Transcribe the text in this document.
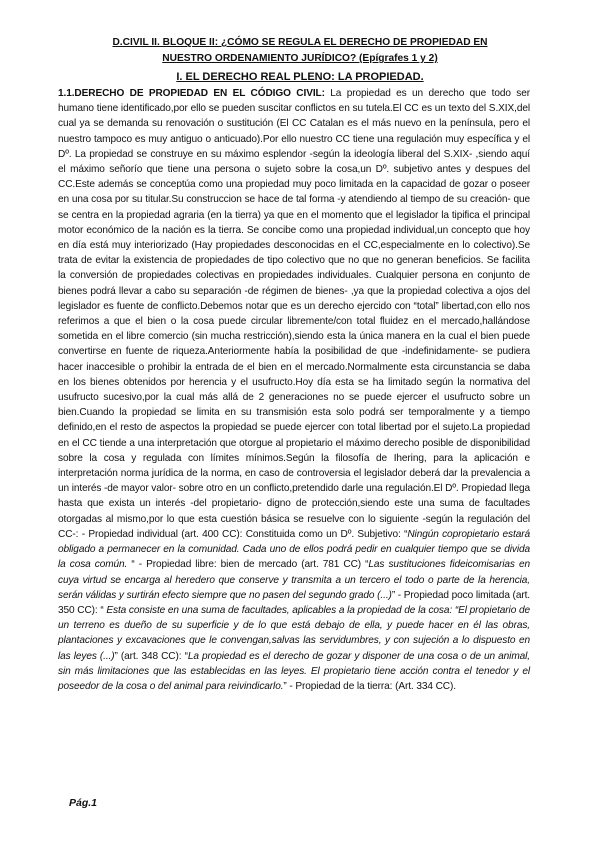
D.CIVIL II. BLOQUE II: ¿CÓMO SE REGULA EL DERECHO DE PROPIEDAD EN
NUESTRO ORDENAMIENTO JURÍDICO? (Epígrafes 1 y 2)
I. EL DERECHO REAL PLENO: LA PROPIEDAD.
1.1.DERECHO DE PROPIEDAD EN EL CÓDIGO CIVIL: La propiedad es un derecho que todo ser humano tiene identificado,por ello se pueden suscitar conflictos en su tutela.El CC es un texto del S.XIX,del cual ya se demanda su renovación o sustitución (El CC Catalan es el más nuevo en la península, pero el nuestro tampoco es muy antiguo o anticuado).Por ello nuestro CC tiene una regulación muy específica y el Dº. La propiedad se construye en su máximo esplendor -según la ideología liberal del S.XIX- ,siendo aquí el máximo señorío que tiene una persona o sujeto sobre la cosa,un Dº. subjetivo antes y despues del CC.Este además se conceptúa como una propiedad muy poco limitada en la capacidad de gozar o poseer en una cosa por su titular.Su construccion se hace de tal forma -y atendiendo al tiempo de su creación- que se centra en la propiedad agraria (en la tierra) ya que en el momento que el legislador la tipifica el principal motor económico de la nación es la tierra. Se concibe como una propiedad individual,un concepto que hoy en día está muy interiorizado (Hay propiedades desconocidas en el CC,especialmente en lo colectivo).Se trata de evitar la existencia de propiedades de tipo colectivo que no que no generan beneficios. Se facilita la conversión de propiedades colectivas en propiedades individuales. Cualquier persona en conjunto de bienes podrá llevar a cabo su separación -de régimen de bienes- ,ya que la propiedad colectiva a ojos del legislador es fuente de conflicto.Debemos notar que es un derecho ejercido con “total” libertad,con ello nos referimos a que el bien o la cosa puede circular libremente/con total fluidez en el mercado,hallándose sometida en el libre comercio (sin mucha restricción),siendo esta la única manera en la cual el bien puede convertirse en fuente de riqueza.Anteriormente había la posibilidad de que -indefinidamente- se pudiera hacer inaccesible o prohibir la entrada de el bien en el mercado.Normalmente esta circunstancia se daba en los bienes obtenidos por herencia y el usufructo.Hoy día esta se ha limitado según la normativa del usufructo sucesivo,por la cual más allá de 2 generaciones no se puede ejercer el usufructo sobre un bien.Cuando la propiedad se limita en su transmisión esta solo podrá ser temporalmente y a tiempo definido,en el resto de aspectos la propiedad se puede ejercer con total libertad por el sujeto.La propiedad en el CC tiende a una interpretación que otorgue al propietario el máximo derecho posible de disponibilidad sobre la cosa y regulada con límites mínimos.Según la filosofía de Ihering, para la aplicación e interpretación norma jurídica de la norma, en caso de controversia el legislador deberá dar la prevalencia a un interés -de mayor valor- sobre otro en un conflicto,pretendido darle una regulación.El Dº. Propiedad llega hasta que exista un interés -del propietario- digno de protección,siendo este una suma de facultades otorgadas al mismo,por lo que esta cuestión básica se resuelve con lo siguiente -según la regulación del CC-: - Propiedad individual (art. 400 CC): Constituida como un Dº. Subjetivo: “Ningún copropietario estará obligado a permanecer en la comunidad. Cada uno de ellos podrá pedir en cualquier tiempo que se divida la cosa común. “ - Propiedad libre: bien de mercado (art. 781 CC) “Las sustituciones fideicomisarias en cuya virtud se encarga al heredero que conserve y transmita a un tercero el todo o parte de la herencia, serán válidas y surtirán efecto siempre que no pasen del segundo grado (...)” - Propiedad poco limitada (art. 350 CC): “ Esta consiste en una suma de facultades, aplicables a la propiedad de la cosa: “El propietario de un terreno es dueño de su superficie y de lo que está debajo de ella, y puede hacer en él las obras, plantaciones y excavaciones que le convengan,salvas las servidumbres, y con sujeción a lo dispuesto en las leyes (...)” (art. 348 CC): “La propiedad es el derecho de gozar y disponer de una cosa o de un animal, sin más limitaciones que las establecidas en las leyes. El propietario tiene acción contra el tenedor y el poseedor de la cosa o del animal para reivindicarlo.” - Propiedad de la tierra: (Art. 334 CC).
Pág.1
